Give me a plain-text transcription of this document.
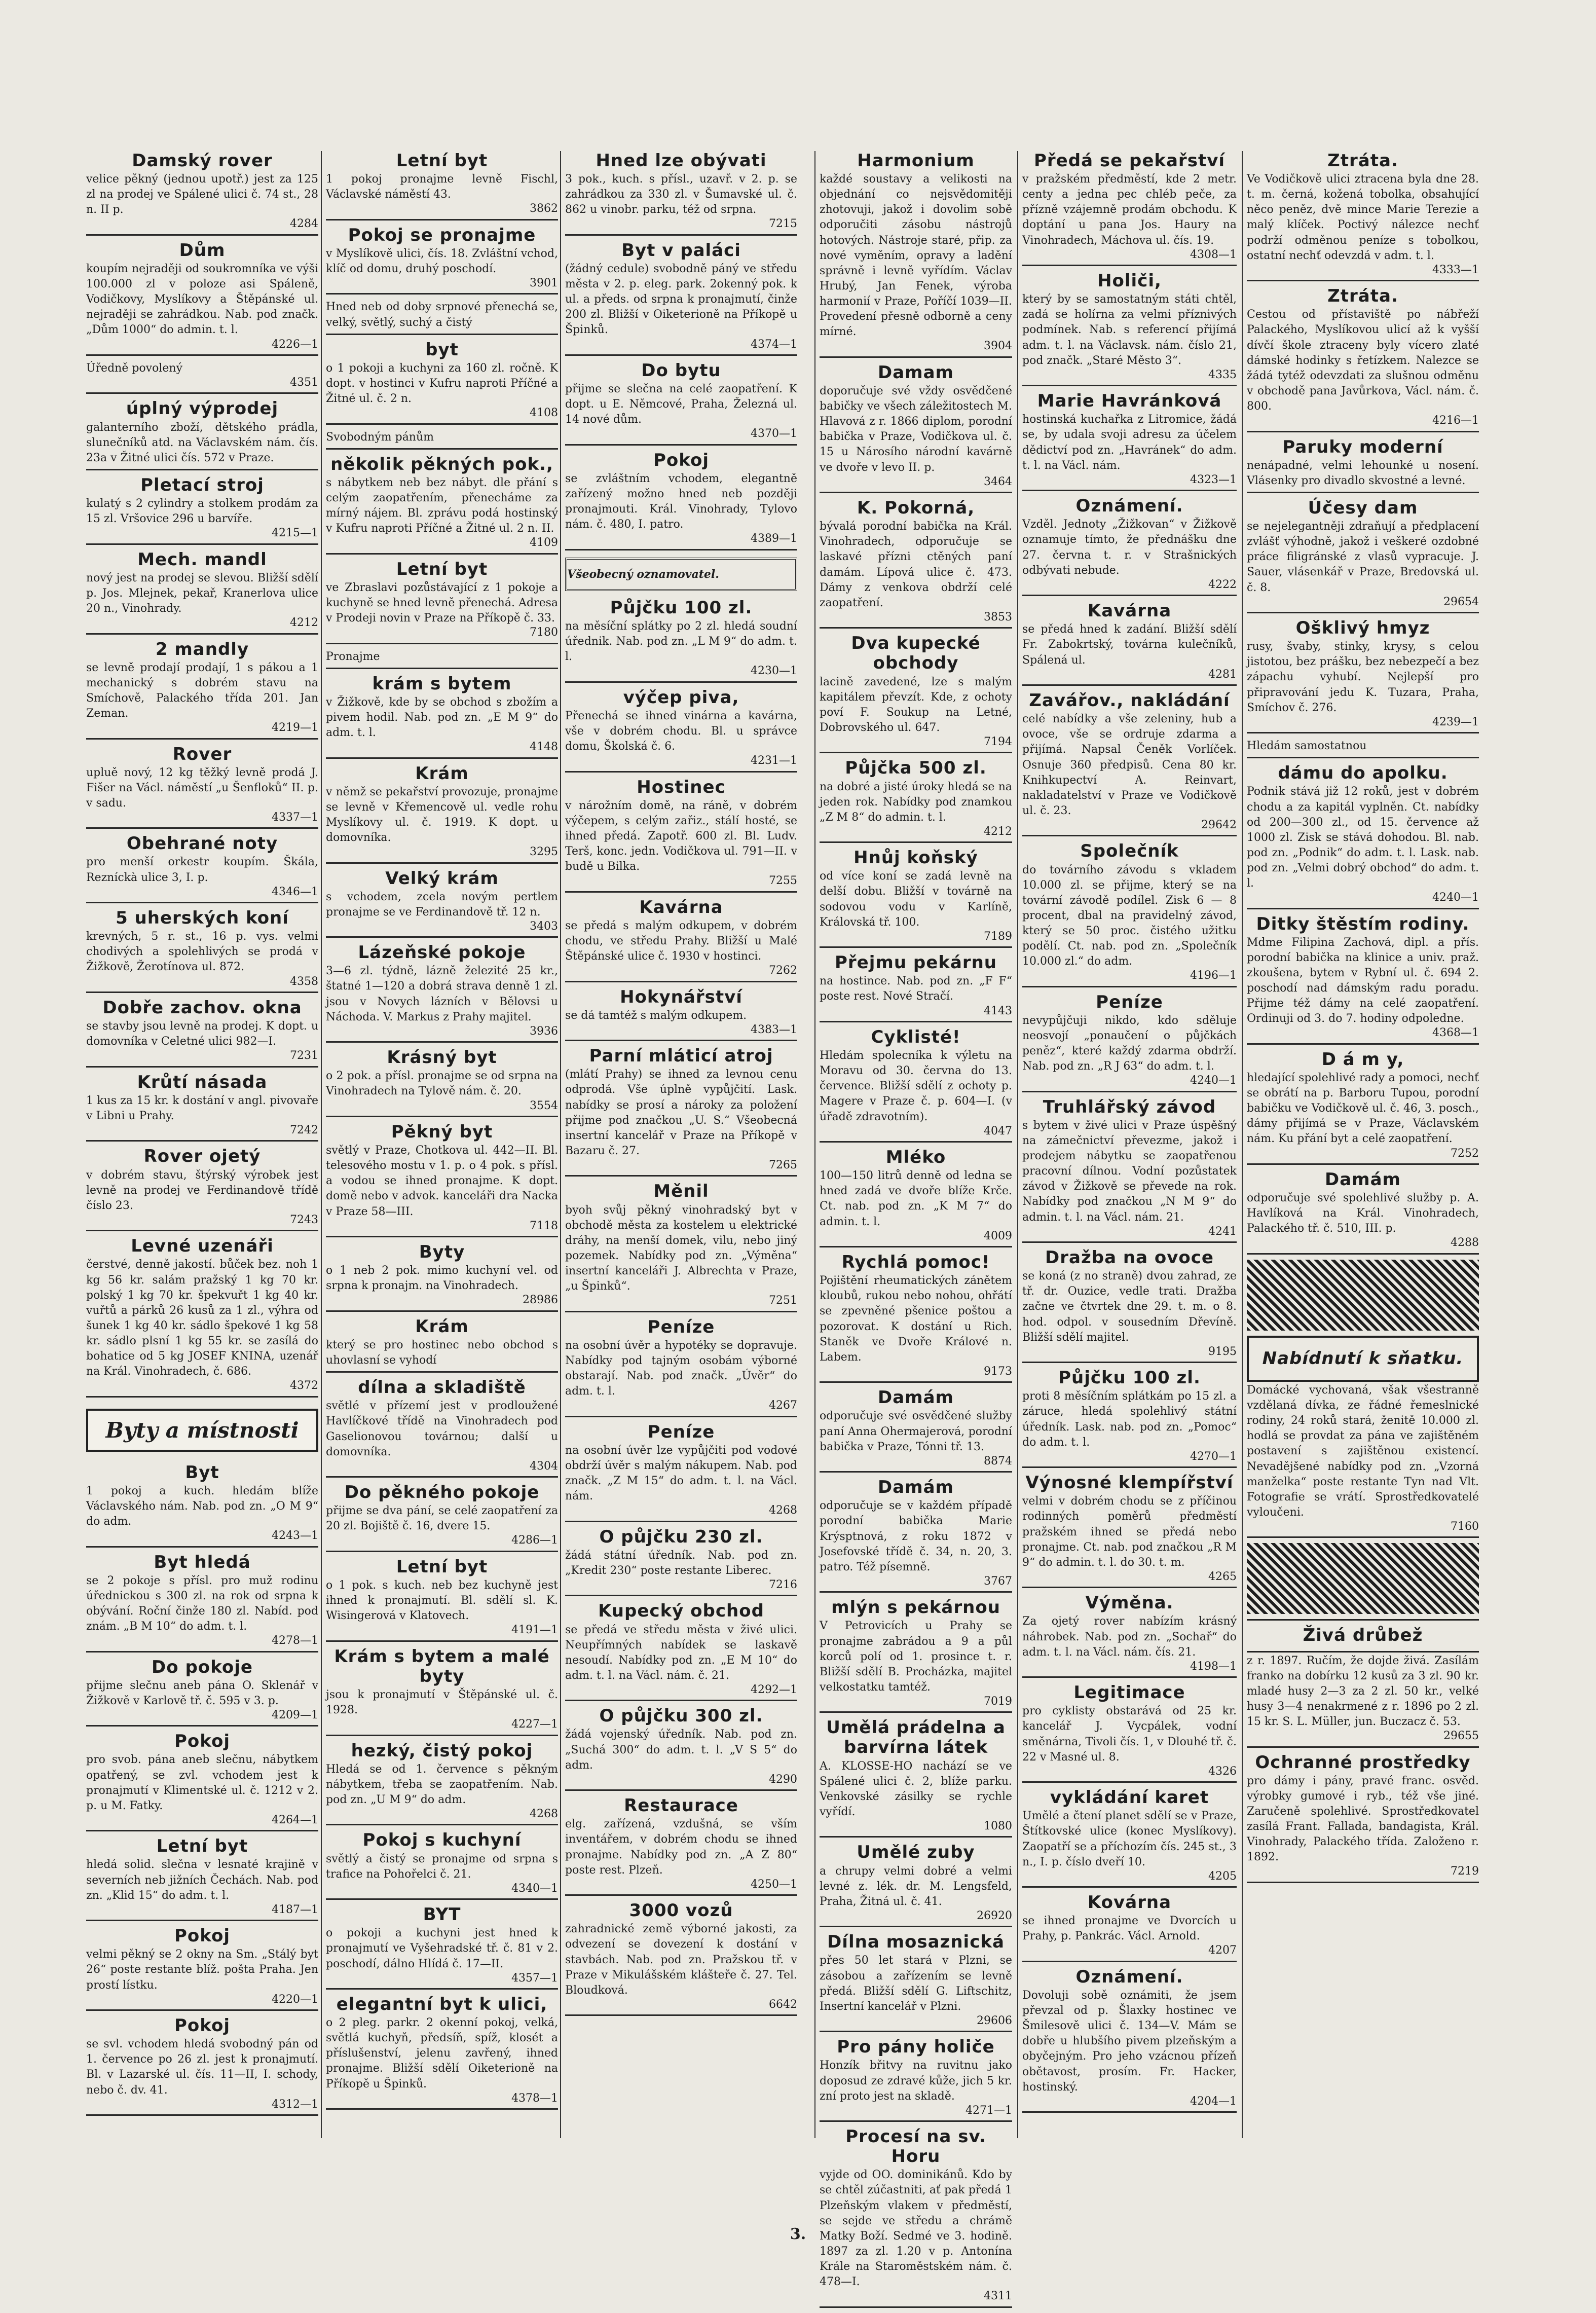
Damský rover

velice pěkný (jednou upotř.) jest za 125 zl na prodej ve Spálené ulici č. 74 st., 28 n. II p.

4284
Dům

koupím nejraději od soukromníka ve výši 100.000 zl v poloze asi Spáleně, Vodičkovy, Myslíkovy a Štěpánské ul. nejraději se zahrádkou. Nab. pod značk. „Dům 1000“ do admin. t. l.

4226—1

Úředně povolený

4351
úplný výprodej

galanterního zboží, dětského prádla, slunečníků atd. na Václavském nám. čís. 23a v Žitné ulici čís. 572 v Praze.

Pletací stroj

kulatý s 2 cylindry a stolkem prodám za 15 zl. Vršovice 296 u barvíře.

4215—1
Mech. mandl

nový jest na prodej se slevou. Bližší sdělí p. Jos. Mlejnek, pekař, Kranerlova ulice 20 n., Vinohrady.

4212
2 mandly

se levně prodají prodají, 1 s pákou a 1 mechanický s dobrém stavu na Smíchově, Palackého třída 201. Jan Zeman.

4219—1
Rover

upluě nový, 12 kg těžký levně prodá J. Fišer na Václ. náměstí „u Šenfloků“ II. p. v sadu.

4337—1
Obehrané noty

pro menší orkestr koupím. Škála, Rezníckà ulice 3, I. p.

4346—1
5 uherských koní

krevných, 5 r. st., 16 p. vys. velmi chodivých a spolehlivých se prodá v Žižkově, Žerotínova ul. 872.

4358
Dobře zachov. okna

se stavby jsou levně na prodej. K dopt. u domovníka v Celetné ulici 982—I.

7231
Krůtí násada

1 kus za 15 kr. k dostání v angl. pivovaře v Libni u Prahy.

7242
Rover ojetý

v dobrém stavu, štýrský výrobek jest levně na prodej ve Ferdinandově třídě číslo 23.

7243
Levné uzenáři

čerstvé, denně jakostí. bůček bez. noh 1 kg 56 kr. salám pražský 1 kg 70 kr. polský 1 kg 70 kr. špekvuřt 1 kg 40 kr. vuřtů a párků 26 kusů za 1 zl., výhra od šunek 1 kg 40 kr. sádlo špekové 1 kg 58 kr. sádlo plsní 1 kg 55 kr. se zasílá do bohatice od 5 kg JOSEF KNINA, uzenář na Král. Vinohradech, č. 686.

4372
Byty a místnosti
Byt

1 pokoj a kuch. hledám blíže Václavského nám. Nab. pod zn. „O M 9“ do adm.

4243—1
Byt hledá

se 2 pokoje s přísl. pro muž rodinu úřednickou s 300 zl. na rok od srpna k obývání. Roční činže 180 zl. Nabíd. pod znám. „B M 10“ do adm. t. l.

4278—1
Do pokoje

přijme slečnu aneb pána O. Sklenář v Žižkově v Karlově tř. č. 595 v 3. p.

4209—1
Pokoj

pro svob. pána aneb slečnu, nábytkem opatřený, se zvl. vchodem jest k pronajmutí v Klimentské ul. č. 1212 v 2. p. u M. Fatky.

4264—1
Letní byt

hledá solid. slečna v lesnaté krajině v severních neb jižních Čechách. Nab. pod zn. „Klid 15“ do adm. t. l.

4187—1
Pokoj

velmi pěkný se 2 okny na Sm. „Stálý byt 26“ poste restante blíž. pošta Praha. Jen prostí lístku.

4220—1
Pokoj

se svl. vchodem hledá svobodný pán od 1. července po 26 zl. jest k pronajmutí. Bl. v Lazarské ul. čís. 11—II, I. schody, nebo č. dv. 41.

4312—1
Letní byt

1 pokoj pronajme levně Fischl, Václavské náměstí 43.

3862
Pokoj se pronajme

v Myslíkově ulici, čís. 18. Zvláštní vchod, klíč od domu, druhý poschodí.

3901

Hned neb od doby srpnové přenechá se, velký, světlý, suchý a čistý

byt

o 1 pokoji a kuchyni za 160 zl. ročně. K dopt. v hostinci v Kufru naproti Příčné a Žitné ul. č. 2 n.

4108

Svobodným pánům

několik pěkných pok.,

s nábytkem neb bez nábyt. dle přání s celým zaopatřením, přenecháme za mírný nájem. Bl. zprávu podá hostinský v Kufru naproti Příčné a Žitné ul. 2 n. II.

4109
Letní byt

ve Zbraslavi pozůstávající z 1 pokoje a kuchyně se hned levně přenechá. Adresa v Prodeji novin v Praze na Příkopě č. 33.

7180

Pronajme

krám s bytem

v Žižkově, kde by se obchod s zbožím a pivem hodil. Nab. pod zn. „E M 9“ do adm. t. l.

4148
Krám

v němž se pekařství provozuje, pronajme se levně v Křemencově ul. vedle rohu Myslíkovy ul. č. 1919. K dopt. u domovníka.

3295
Velký krám

s vchodem, zcela novým pertlem pronajme se ve Ferdinandově tř. 12 n.

3403
Lázeňské pokoje

3—6 zl. týdně, lázně železité 25 kr., štatné 1—120 a dobrá strava denně 1 zl. jsou v Novych lázních v Bělovsi u Náchoda. V. Markus z Prahy majitel.

3936
Krásný byt

o 2 pok. a přísl. pronajme se od srpna na Vinohradech na Tylově nám. č. 20.

3554
Pěkný byt

světlý v Praze, Chotkova ul. 442—II. Bl. telesového mostu v 1. p. o 4 pok. s přísl. a vodou se ihned pronajme. K dopt. domě nebo v advok. kanceláři dra Nacka v Praze 58—III.

7118
Byty

o 1 neb 2 pok. mimo kuchyní vel. od srpna k pronajm. na Vinohradech.

28986
Krám

který se pro hostinec nebo obchod s uhovlasní se vyhodí

dílna a skladiště

světlé v přízemí jest v prodloužené Havlíčkové třídě na Vinohradech pod Gaselionovou továrnou; další u domovníka.

4304
Do pěkného pokoje

přijme se dva pání, se celé zaopatření za 20 zl. Bojiště č. 16, dvere 15.

4286—1
Letní byt

o 1 pok. s kuch. neb bez kuchyně jest ihned k pronajmutí. Bl. sdělí sl. K. Wisingerová v Klatovech.

4191—1
Krám s bytem a malé byty

jsou k pronajmutí v Štěpánské ul. č. 1928.

4227—1
hezký, čistý pokoj

Hledá se od 1. července s pěkným nábytkem, třeba se zaopatřením. Nab. pod zn. „U M 9“ do adm.

4268
Pokoj s kuchyní

světlý a čistý se pronajme od srpna s trafice na Pohořelci č. 21.

4340—1
BYT

o pokoji a kuchyni jest hned k pronajmutí ve Vyšehradské tř. č. 81 v 2. poschodí, dálno Hlídá č. 17—II.

4357—1
elegantní byt k ulici,

o 2 pleg. parkr. 2 okenní pokoj, velká, světlá kuchyň, předsíň, spíž, klosét a příslušenství, jelenu zavřený, ihned pronajme. Bližší sdělí Oiketerioně na Příkopě u Špinků.

4378—1
Hned lze obývati

3 pok., kuch. s přísl., uzavř. v 2. p. se zahrádkou za 330 zl. v Šumavské ul. č. 862 u vinobr. parku, též od srpna.

7215
Byt v paláci

(žádný cedule) svobodně páný ve středu města v 2. p. eleg. park. 2okenný pok. k ul. a předs. od srpna k pronajmutí, činže 200 zl. Bližší v Oiketerioně na Příkopě u Špinků.

4374—1
Do bytu

přijme se slečna na celé zaopatření. K dopt. u E. Němcové, Praha, Železná ul. 14 nové dům.

4370—1
Pokoj

se zvláštním vchodem, elegantně zařízený možno hned neb později pronajmouti. Král. Vinohrady, Tylovo nám. č. 480, I. patro.

4389—1

Všeobecný oznamovatel.

Půjčku 100 zl.

na měsíční splátky po 2 zl. hledá soudní úřednik. Nab. pod zn. „L M 9“ do adm. t. l.

4230—1
výčep piva,

Přenechá se ihned vinárna a kavárna, vše v dobrém chodu. Bl. u správce domu, Školská č. 6.

4231—1
Hostinec

v nárožním domě, na ráně, v dobrém výčepem, s celým zařiz., stálí hosté, se ihned předá. Zapotř. 600 zl. Bl. Ludv. Terš, konc. jedn. Vodičkova ul. 791—II. v budě u Bilka.

7255
Kavárna

se předá s malým odkupem, v dobrém chodu, ve středu Prahy. Bližší u Malé Štěpánské ulice č. 1930 v hostinci.

7262
Hokynářství

se dá tamtéž s malým odkupem.

4383—1
Parní mláticí atroj

(mlátí Prahy) se ihned za levnou cenu odprodá. Vše úplně vypůjčití. Lask. nabídky se prosí a nároky za položení přijme pod značkou „U. S.“ Všeobecná insertní kancelář v Praze na Příkopě v Bazaru č. 27.

7265
Měnil

byoh svůj pěkný vinohradský byt v obchodě města za kostelem u elektrické dráhy, na menší domek, vilu, nebo jiný pozemek. Nabídky pod zn. „Výměna“ insertní kanceláři J. Albrechta v Praze, „u Špinků“.

7251
Peníze

na osobní úvěr a hypotéky se dopravuje. Nabídky pod tajným osobám výborné obstarají. Nab. pod značk. „Úvěr“ do adm. t. l.

4267
Peníze

na osobní úvěr lze vypůjčiti pod vodové obdrží úvěr s malým nákupem. Nab. pod značk. „Z M 15“ do adm. t. l. na Václ. nám.

4268
O půjčku 230 zl.

žádá státní úředník. Nab. pod zn. „Kredit 230“ poste restante Liberec.

7216
Kupecký obchod

se předá ve středu města v živé ulici. Neupřímných nabídek se laskavě nesoudí. Nabídky pod zn. „E M 10“ do adm. t. l. na Václ. nám. č. 21.

4292—1
O půjčku 300 zl.

žádá vojenský úředník. Nab. pod zn. „Suchá 300“ do adm. t. l. „V S 5“ do adm.

4290
Restaurace

elg. zařízená, vzdušná, se vším inventářem, v dobrém chodu se ihned pronajme. Nabídky pod zn. „A Z 80“ poste rest. Plzeň.

4250—1
3000 vozů

zahradnické země výborné jakosti, za odvezení se dovezení k dostání v stavbách. Nab. pod zn. Pražskou tř. v Praze v Mikulášském klášteře č. 27. Tel. Bloudková.

6642
Harmonium

každé soustavy a velikosti na objednání co nejsvědomitěji zhotovuji, jakož i dovolim sobě odporučiti zásobu nástrojů hotových. Nástroje staré, přip. za nové vyměním, opravy a ladění správně i levně vyřídím. Václav Hrubý, Jan Fenek, výroba harmonií v Praze, Poříčí 1039—II. Provedení přesně odborně a ceny mírné.

3904
Damam

doporučuje své vždy osvědčené babičky ve všech záležitostech M. Hlavová z r. 1866 diplom, porodní babička v Praze, Vodičkova ul. č. 15 u Nárosího národní kavárně ve dvoře v levo II. p.

3464
K. Pokorná,

bývalá porodní babička na Král. Vinohradech, odporučuje se laskavé přízni ctěných paní damám. Lípová ulice č. 473. Dámy z venkova obdrží celé zaopatření.

3853
Dva kupecké obchody

lacině zavedené, lze s malým kapitálem převzít. Kde, z ochoty poví F. Soukup na Letné, Dobrovského ul. 647.

7194
Půjčka 500 zl.

na dobré a jisté úroky hledá se na jeden rok. Nabídky pod znamkou „Z M 8“ do admin. t. l.

4212
Hnůj koňský

od více koní se zadá levně na delší dobu. Bližší v továrně na sodovou vodu v Karlíně, Královská tř. 100.

7189
Přejmu pekárnu

na hostince. Nab. pod zn. „F F“ poste rest. Nové Stračí.

4143
Cyklisté!

Hledám spolecníka k výletu na Moravu od 30. června do 13. července. Bližší sdělí z ochoty p. Magere v Praze č. p. 604—I. (v úřadě zdravotním).

4047
Mléko

100—150 litrů denně od ledna se hned zadá ve dvoře blíže Krče. Ct. nab. pod zn. „K M 7“ do admin. t. l.

4009
Rychlá pomoc!

Pojištění rheumatických zánětem kloubů, rukou nebo nohou, ohřátí se zpevněné pšenice poštou a pozorovat. K dostání u Rich. Staněk ve Dvoře Králové n. Labem.

9173
Damám

odporučuje své osvědčené služby paní Anna Ohermajerová, porodní babička v Praze, Tónni tř. 13.

8874
Damám

odporučuje se v každém případě porodní babička Marie Krýsptnová, z roku 1872 v Josefovské třídě č. 34, n. 20, 3. patro. Též písemně.

3767
mlýn s pekárnou

V Petrovicích u Prahy se pronajme zabrádou a 9 a půl korců polí od 1. prosince t. r. Bližší sdělí B. Procházka, majitel velkostatku tamtéž.

7019
Umělá prádelna a barvírna látek

A. KLOSSE-HO nachází se ve Spálené ulici č. 2, blíže parku. Venkovské zásilky se rychle vyřídí.

1080
Umělé zuby

a chrupy velmi dobré a velmi levné z. lék. dr. M. Lengsfeld, Praha, Žitná ul. č. 41.

26920
Dílna mosaznická

přes 50 let stará v Plzni, se zásobou a zařízením se levně předá. Bližší sdělí G. Liftschitz, Insertní kancelář v Plzni.

29606
Pro pány holiče

Honzík břitvy na ruvitnu jako doposud ze zdravé kůže, jich 5 kr. zní proto jest na skladě.

4271—1
Procesí na sv. Horu

vyjde od OO. dominikánů. Kdo by se chtěl zúčastniti, ať pak předá 1 Plzeňským vlakem v předměstí, se sejde ve středu a chrámě Matky Boží. Sedmé ve 3. hodině. 1897 za zl. 1.20 v p. Antonína Krále na Staroměstském nám. č. 478—I.

4311
Předá se pekařství

v pražském předměstí, kde 2 metr. centy a jedna pec chléb peče, za přízně vzájemně prodám obchodu. K doptání u pana Jos. Haury na Vinohradech, Máchova ul. čís. 19.

4308—1
Holiči,

který by se samostatným státi chtěl, zadá se holírna za velmi příznivých podmínek. Nab. s referencí přijímá adm. t. l. na Václavsk. nám. číslo 21, pod značk. „Staré Město 3“.

4335
Marie Havránková

hostinská kuchařka z Litromice, žádá se, by udala svoji adresu za účelem dědictví pod zn. „Havránek“ do adm. t. l. na Václ. nám.

4323—1
Oznámení.

Vzděl. Jednoty „Žižkovan“ v Žižkově oznamuje tímto, že přednášku dne 27. června t. r. v Strašnických odbývati nebude.

4222
Kavárna

se předá hned k zadání. Bližší sdělí Fr. Zabokrtský, továrna kulečníků, Spálená ul.

4281
Zavářov., nakládání

celé nabídky a vše zeleniny, hub a ovoce, vše se ordruje zdarma a přijímá. Napsal Čeněk Vorlíček. Osnuje 360 předpisů. Cena 80 kr. Knihkupectví A. Reinvart, nakladatelství v Praze ve Vodičkově ul. č. 23.

29642
Společník

do továrního závodu s vkladem 10.000 zl. se přijme, který se na tovární závodě podílel. Zisk 6 — 8 procent, dbal na pravidelný závod, který se 50 proc. čistého užitku podělí. Ct. nab. pod zn. „Společník 10.000 zl.“ do adm.

4196—1
Peníze

nevypůjčuji nikdo, kdo sděluje neosvojí „ponaučení o půjčkách peněz“, které každý zdarma obdrží. Nab. pod zn. „R J 63“ do adm. t. l.

4240—1
Truhlářský závod

s bytem v živé ulici v Praze úspěšný na zámečnictví převezme, jakož i prodejem nábytku se zaopatřenou pracovní dílnou. Vodní pozůstatek závod v Žižkově se převede na rok. Nabídky pod značkou „N M 9“ do admin. t. l. na Václ. nám. 21.

4241
Dražba na ovoce

se koná (z no straně) dvou zahrad, ze tř. dr. Ouzice, vedle trati. Dražba začne ve čtvrtek dne 29. t. m. o 8. hod. odpol. v sousedním Dřevíně. Bližší sdělí majitel.

9195
Půjčku 100 zl.

proti 8 měsíčním splátkám po 15 zl. a záruce, hledá spolehlivý státní úředník. Lask. nab. pod zn. „Pomoc“ do adm. t. l.

4270—1
Výnosné klempířství

velmi v dobrém chodu se z příčinou rodinných poměrů předměstí pražském ihned se předá nebo pronajme. Ct. nab. pod značkou „R M 9“ do admin. t. l. do 30. t. m.

4265
Výměna.

Za ojetý rover nabízím krásný náhrobek. Nab. pod zn. „Sochař“ do adm. t. l. na Václ. nám. čís. 21.

4198—1
Legitimace

pro cyklisty obstarává od 25 kr. kancelář J. Vycpálek, vodní směnárna, Tivoli čís. 1, v Dlouhé tř. č. 22 v Masné ul. 8.

4326
vykládání karet

Umělé a čtení planet sdělí se v Praze, Štítkovské ulice (konec Myslíkovy). Zaopatří se a příchozím čís. 245 st., 3 n., I. p. číslo dveří 10.

4205
Kovárna

se ihned pronajme ve Dvorcích u Prahy, p. Pankrác. Václ. Arnold.

4207
Oznámení.

Dovoluji sobě oznámiti, že jsem převzal od p. Šlaxky hostinec ve Šmilesově ulici č. 134—V. Mám se dobře u hlubšího pivem plzeňským a obyčejným. Pro jeho vzácnou přízeň obětavost, prosím. Fr. Hacker, hostinský.

4204—1
Ztráta.

Ve Vodičkově ulici ztracena byla dne 28. t. m. černá, kožená tobolka, obsahující něco peněz, dvě mince Marie Terezie a malý klíček. Poctivý nálezce nechť podrží odměnou peníze s tobolkou, ostatní nechť odevzdá v adm. t. l.

4333—1
Ztráta.

Cestou od přístaviště po nábřeží Palackého, Myslíkovou ulicí až k vyšší dívčí škole ztraceny byly vícero zlaté dámské hodinky s řetízkem. Nalezce se žádá tytéž odevzdati za slušnou odměnu v obchodě pana Javůrkova, Václ. nám. č. 800.

4216—1
Paruky moderní

nenápadné, velmi lehounké u nosení. Vlásenky pro divadlo skvostné a levné.

Účesy dam

se nejelegantněji zdraňují a předplacení zvlášť výhodně, jakož i veškeré ozdobné práce filigránské z vlasů vypracuje. J. Sauer, vlásenkář v Praze, Bredovská ul. č. 8.

29654
Ošklivý hmyz

rusy, švaby, stinky, krysy, s celou jistotou, bez prášku, bez nebezpečí a bez zápachu vyhubí. Nejlepší pro připravování jedu K. Tuzara, Praha, Smíchov č. 276.

4239—1

Hledám samostatnou

dámu do apolku.

Podnik stává již 12 roků, jest v dobrém chodu a za kapitál vyplněn. Ct. nabídky od 200—300 zl., od 15. července až 1000 zl. Zisk se stává dohodou. Bl. nab. pod zn. „Podnik“ do adm. t. l. Lask. nab. pod zn. „Velmi dobrý obchod“ do adm. t. l.

4240—1
Ditky štěstím rodiny.

Mdme Filipina Zachová, dipl. a přís. porodní babička na klinice a univ. praž. zkoušena, bytem v Rybní ul. č. 694 2. poschodí nad dámským radu poradu. Přijme též dámy na celé zaopatření. Ordinuji od 3. do 7. hodiny odpoledne.

4368—1
D á m y,

hledající spolehlivé rady a pomoci, nechť se obrátí na p. Barboru Tupou, porodní babičku ve Vodičkově ul. č. 46, 3. posch., dámy přijímá se v Praze, Václavském nám. Ku přání byt a celé zaopatření.

7252
Damám

odporučuje své spolehlivé služby p. A. Havlíková na Král. Vinohradech, Palackého tř. č. 510, III. p.

4288
Nabídnutí k sňatku.

Domácké vychovaná, však všestranně vzdělaná dívka, ze řádné řemeslnické rodiny, 24 roků stará, ženitě 10.000 zl. hodlá se provdat za pána ve zajištěném postavení s zajištěnou existencí. Nevadějšené nabídky pod zn. „Vzorná manželka“ poste restante Tyn nad Vlt. Fotografie se vrátí. Sprostředkovatelé vyloučeni.

7160
Živá drůbež

z r. 1897. Ručím, že dojde živá. Zasílám franko na dobírku 12 kusů za 3 zl. 90 kr. mladé husy 2—3 za 2 zl. 50 kr., velké husy 3—4 nenakrmené z r. 1896 po 2 zl. 15 kr. S. L. Müller, jun. Buczacz č. 53.

29655
Ochranné prostředky

pro dámy i pány, pravé franc. osvěd. výrobky gumové i ryb., též vše jiné. Zaručeně spolehlivé. Sprostředkovatel zasílá Frant. Fallada, bandagista, Král. Vinohrady, Palackého třída. Založeno r. 1892.

7219
3.
